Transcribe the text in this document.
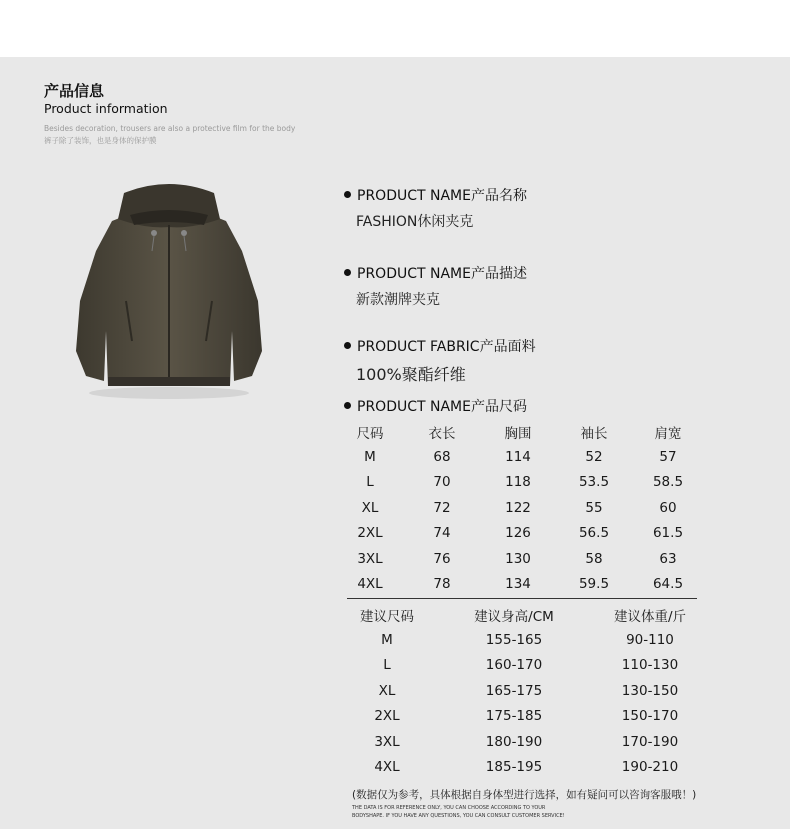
产品信息
Product information
Besides decoration, trousers are also a protective film for the body
裤子除了装饰，也是身体的保护膜
PRODUCT NAME产品名称
FASHION休闲夹克
PRODUCT NAME产品描述
新款潮牌夹克
PRODUCT FABRIC产品面料
100%聚酯纤维
PRODUCT NAME产品尺码
尺码	衣长	胸围	袖长	肩宽
M	68	114	52	57
L	70	118	53.5	58.5
XL	72	122	55	60
2XL	74	126	56.5	61.5
3XL	76	130	58	63
4XL	78	134	59.5	64.5
建议尺码	建议身高/CM	建议体重/斤
M	155-165	90-110
L	160-170	110-130
XL	165-175	130-150
2XL	175-185	150-170
3XL	180-190	170-190
4XL	185-195	190-210
(数据仅为参考，具体根据自身体型进行选择，如有疑问可以咨询客服哦！)
THE DATA IS FOR REFERENCE ONLY, YOU CAN CHOOSE ACCORDING TO YOUR
BODYSHAPE. IF YOU HAVE ANY QUESTIONS, YOU CAN CONSULT CUSTOMER SERVICE!
